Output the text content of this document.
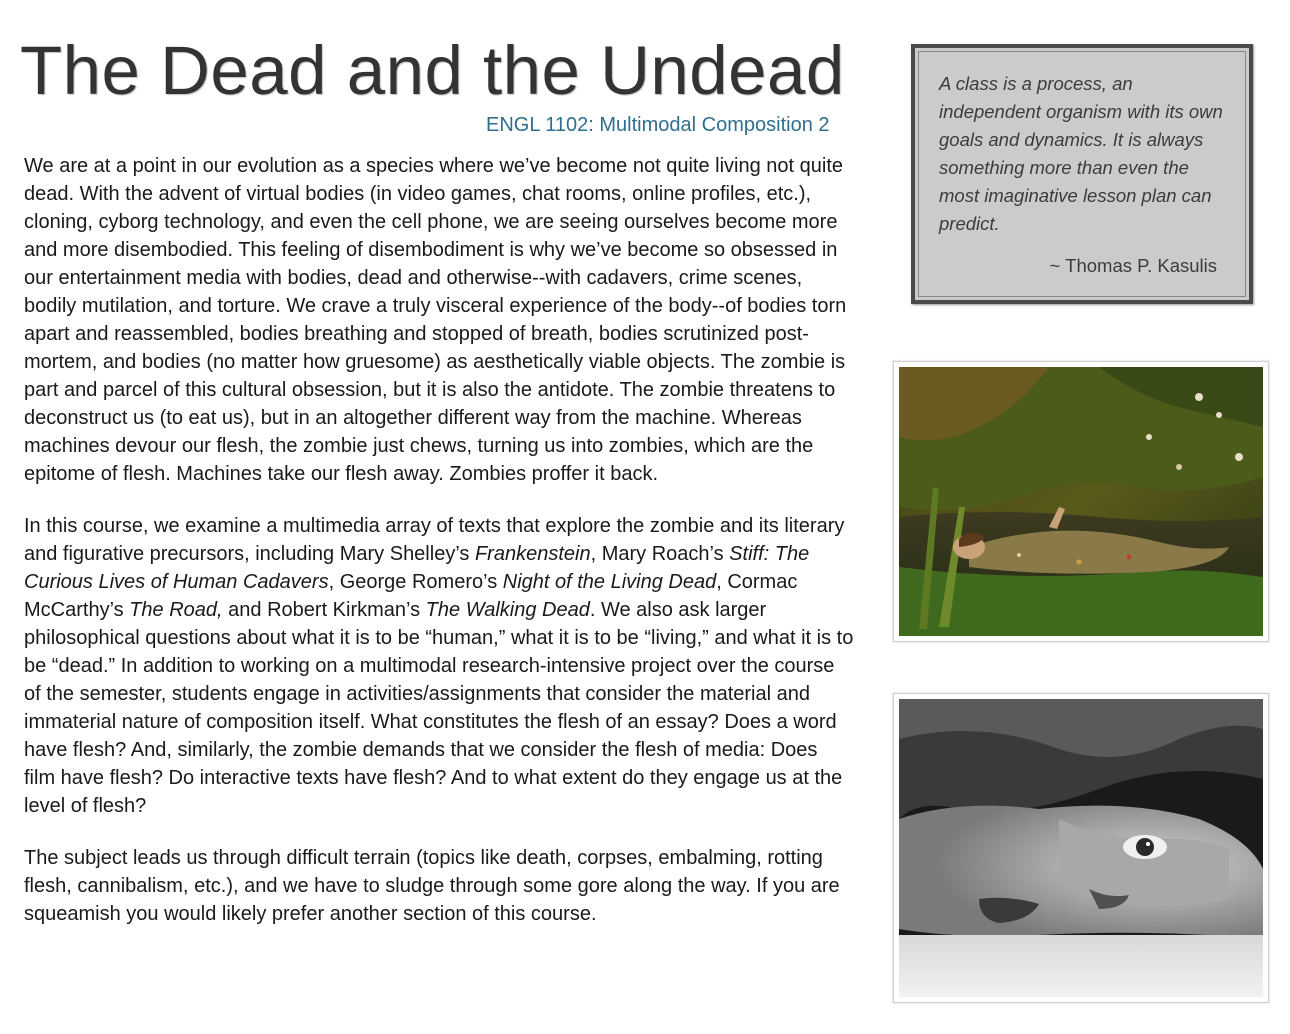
The Dead and the Undead
ENGL 1102: Multimodal Composition 2

We are at a point in our evolution as a species where we’ve become not quite living not quite dead. With the advent of virtual bodies (in video games, chat rooms, online profiles, etc.), cloning, cyborg technology, and even the cell phone, we are seeing ourselves become more and more disembodied. This feeling of disembodiment is why we’ve become so obsessed in our entertainment media with bodies, dead and otherwise--with cadavers, crime scenes, bodily mutilation, and torture. We crave a truly visceral experience of the body--of bodies torn apart and reassembled, bodies breathing and stopped of breath, bodies scrutinized post-mortem, and bodies (no matter how gruesome) as aesthetically viable objects. The zombie is part and parcel of this cultural obsession, but it is also the antidote. The zombie threatens to deconstruct us (to eat us), but in an altogether different way from the machine. Whereas machines devour our flesh, the zombie just chews, turning us into zombies, which are the epitome of flesh. Machines take our flesh away. Zombies proffer it back.

In this course, we examine a multimedia array of texts that explore the zombie and its literary and figurative precursors, including Mary Shelley’s Frankenstein, Mary Roach’s Stiff: The Curious Lives of Human Cadavers, George Romero’s Night of the Living Dead, Cormac McCarthy’s The Road, and Robert Kirkman’s The Walking Dead. We also ask larger philosophical questions about what it is to be “human,” what it is to be “living,” and what it is to be “dead.” In addition to working on a multimodal research-intensive project over the course of the semester, students engage in activities/assignments that consider the material and immaterial nature of composition itself. What constitutes the flesh of an essay? Does a word have flesh? And, similarly, the zombie demands that we consider the flesh of media: Does film have flesh? Do interactive texts have flesh? And to what extent do they engage us at the level of flesh?

The subject leads us through difficult terrain (topics like death, corpses, embalming, rotting flesh, cannibalism, etc.), and we have to sludge through some gore along the way. If you are squeamish you would likely prefer another section of this course.

A class is a process, an independent organism with its own goals and dynamics. It is always something more than even the most imaginative lesson plan can predict.
~ Thomas P. Kasulis
